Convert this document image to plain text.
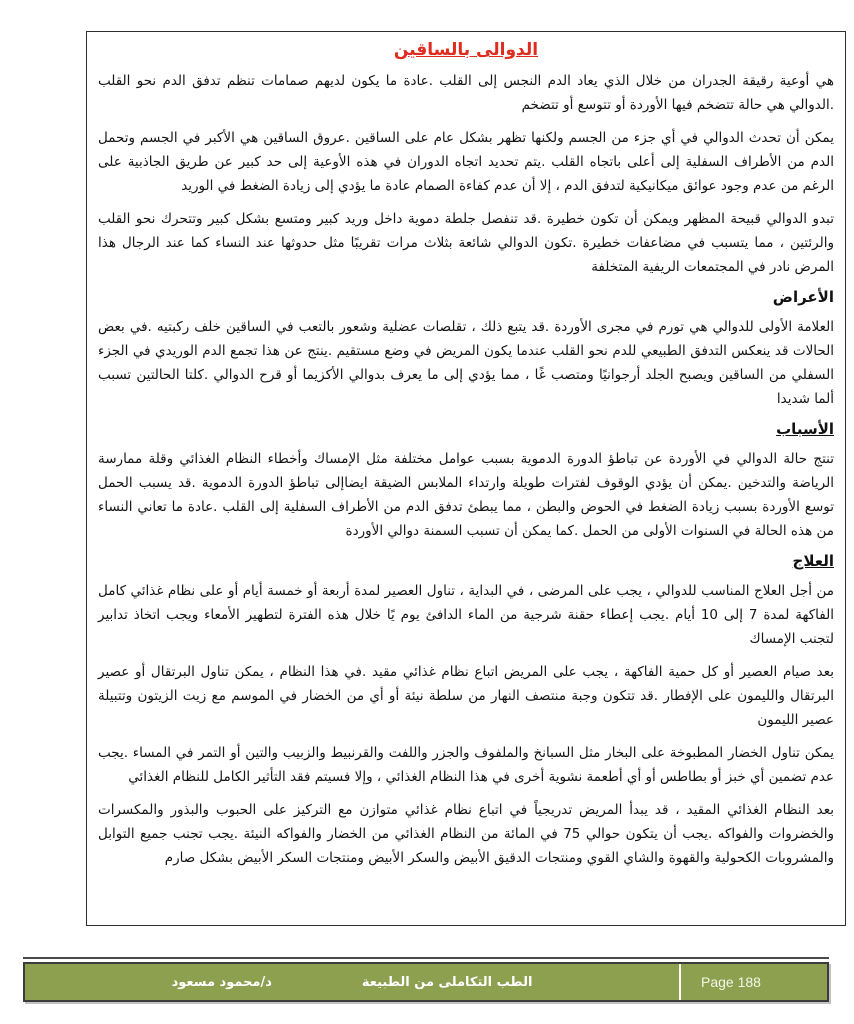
الدوالى بالساقين

هي أوعية رقيقة الجدران من خلال الذي يعاد الدم النجس إلى القلب .عادة ما يكون لديهم صمامات تنظم تدفق الدم نحو القلب .الدوالي هي حالة تتضخم فيها الأوردة أو تتوسع أو تتضخم

يمكن أن تحدث الدوالي في أي جزء من الجسم ولكنها تظهر بشكل عام على الساقين .عروق الساقين هي الأكبر في الجسم وتحمل الدم من الأطراف السفلية إلى أعلى باتجاه القلب .يتم تحديد اتجاه الدوران في هذه الأوعية إلى حد كبير عن طريق الجاذبية على الرغم من عدم وجود عوائق ميكانيكية لتدفق الدم ، إلا أن عدم كفاءة الصمام عادة ما يؤدي إلى زيادة الضغط في الوريد

تبدو الدوالي قبيحة المظهر ويمكن أن تكون خطيرة .قد تنفصل جلطة دموية داخل وريد كبير ومتسع بشكل كبير وتتحرك نحو القلب والرئتين ، مما يتسبب في مضاعفات خطيرة .تكون الدوالي شائعة بثلاث مرات تقريبًا مثل حدوثها عند النساء كما عند الرجال هذا المرض نادر في المجتمعات الريفية المتخلفة

الأعراض

العلامة الأولى للدوالي هي تورم في مجرى الأوردة .قد يتبع ذلك ، تقلصات عضلية وشعور بالتعب في الساقين خلف ركبتيه .في بعض الحالات قد ينعكس التدفق الطبيعي للدم نحو القلب عندما يكون المريض في وضع مستقيم .ينتج عن هذا تجمع الدم الوريدي في الجزء السفلي من الساقين ويصبح الجلد أرجوانيًا ومتصب غًا ، مما يؤدي إلى ما يعرف بدوالي الأكزيما أو قرح الدوالي .كلتا الحالتين تسبب ألما شديدا

الأسباب

تنتج حالة الدوالي في الأوردة عن تباطؤ الدورة الدموية بسبب عوامل مختلفة مثل الإمساك وأخطاء النظام الغذائي وقلة ممارسة الرياضة والتدخين .يمكن أن يؤدي الوقوف لفترات طويلة وارتداء الملابس الضيقة ايضاإلى تباطؤ الدورة الدموية .قد يسبب الحمل توسع الأوردة بسبب زيادة الضغط في الحوض والبطن ، مما يبطئ تدفق الدم من الأطراف السفلية إلى القلب .عادة ما تعاني النساء من هذه الحالة في السنوات الأولى من الحمل .كما يمكن أن تسبب السمنة دوالي الأوردة

العلاج

من أجل العلاج المناسب للدوالي ، يجب على المرضى ، في البداية ، تناول العصير لمدة أربعة أو خمسة أيام أو على نظام غذائي كامل الفاكهة لمدة 7 إلى 10 أيام .يجب إعطاء حقنة شرجية من الماء الدافئ يوم يًا خلال هذه الفترة لتطهير الأمعاء ويجب اتخاذ تدابير لتجنب الإمساك

بعد صيام العصير أو كل حمية الفاكهة ، يجب على المريض اتباع نظام غذائي مقيد .في هذا النظام ، يمكن تناول البرتقال أو عصير البرتقال والليمون على الإفطار .قد تتكون وجبة منتصف النهار من سلطة نيئة أو أي من الخضار في الموسم مع زيت الزيتون وتتبيلة عصير الليمون

يمكن تناول الخضار المطبوخة على البخار مثل السبانخ والملفوف والجزر واللفت والقرنبيط والزبيب والتين أو التمر في المساء .يجب عدم تضمين أي خبز أو بطاطس أو أي أطعمة نشوية أخرى في هذا النظام الغذائي ، وإلا فسيتم فقد التأثير الكامل للنظام الغذائي

بعد النظام الغذائي المقيد ، قد يبدأ المريض تدريجياً في اتباع نظام غذائي متوازن مع التركيز على الحبوب والبذور والمكسرات والخضروات والفواكه .يجب أن يتكون حوالي 75 في المائة من النظام الغذائي من الخضار والفواكه النيئة .يجب تجنب جميع التوابل والمشروبات الكحولية والقهوة والشاي القوي ومنتجات الدقيق الأبيض والسكر الأبيض ومنتجات السكر الأبيض بشكل صارم

الطب التكاملى من الطبيعة
د/محمود مسعود	Page 188
